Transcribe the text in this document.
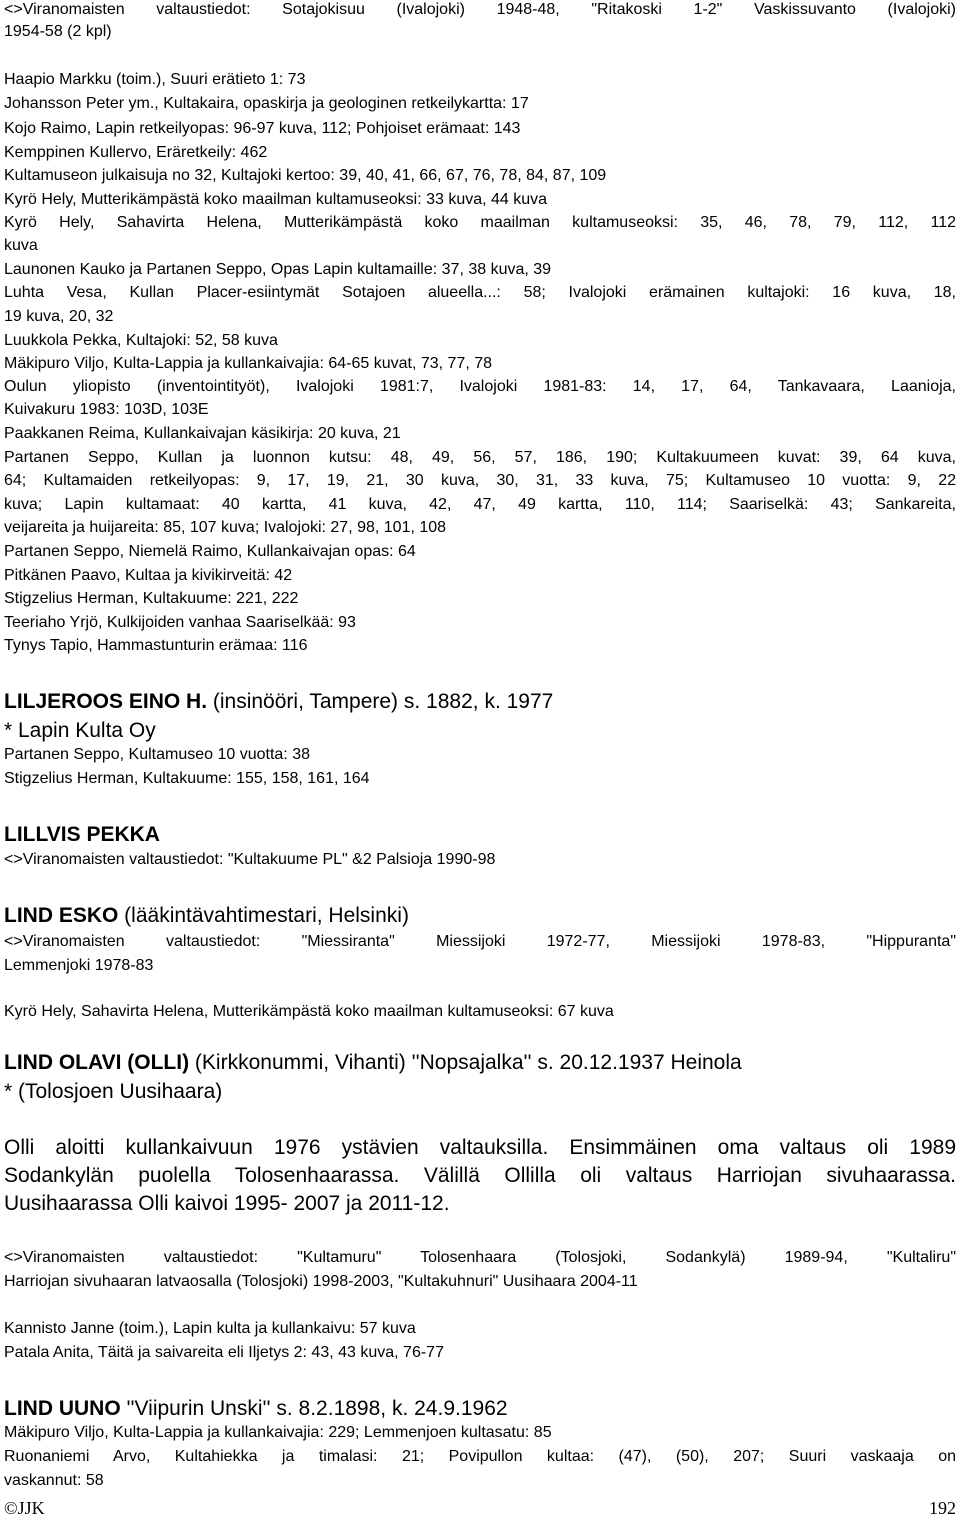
<>Viranomaisten valtaustiedot: Sotajokisuu (Ivalojoki) 1948-48, "Ritakoski 1-2" Vaskissuvanto (Ivalojoki)
1954-58 (2 kpl)
Haapio Markku (toim.), Suuri erätieto 1: 73
Johansson Peter ym., Kultakaira, opaskirja ja geologinen retkeilykartta: 17
Kojo Raimo, Lapin retkeilyopas: 96-97 kuva, 112; Pohjoiset erämaat: 143
Kemppinen Kullervo, Eräretkeily: 462
Kultamuseon julkaisuja no 32, Kultajoki kertoo: 39, 40, 41, 66, 67, 76, 78, 84, 87, 109
Kyrö Hely, Mutterikämpästä koko maailman kultamuseoksi: 33 kuva, 44 kuva
Kyrö Hely, Sahavirta Helena, Mutterikämpästä koko maailman kultamuseoksi: 35, 46, 78, 79, 112, 112
kuva
Launonen Kauko ja Partanen Seppo, Opas Lapin kultamaille: 37, 38 kuva, 39
Luhta Vesa, Kullan Placer-esiintymät Sotajoen alueella...: 58; Ivalojoki erämainen kultajoki: 16 kuva, 18,
19 kuva, 20, 32
Luukkola Pekka, Kultajoki: 52, 58 kuva
Mäkipuro Viljo, Kulta-Lappia ja kullankaivajia: 64-65 kuvat, 73, 77, 78
Oulun yliopisto (inventointityöt), Ivalojoki 1981:7, Ivalojoki 1981-83: 14, 17, 64, Tankavaara, Laanioja,
Kuivakuru 1983: 103D, 103E
Paakkanen Reima, Kullankaivajan käsikirja: 20 kuva, 21
Partanen Seppo, Kullan ja luonnon kutsu: 48, 49, 56, 57, 186, 190; Kultakuumeen kuvat: 39, 64 kuva,
64; Kultamaiden retkeilyopas: 9, 17, 19, 21, 30 kuva, 30, 31, 33 kuva, 75; Kultamuseo 10 vuotta: 9, 22
kuva; Lapin kultamaat: 40 kartta, 41 kuva, 42, 47, 49 kartta, 110, 114; Saariselkä: 43; Sankareita,
veijareita ja huijareita: 85, 107 kuva; Ivalojoki: 27, 98, 101, 108
Partanen Seppo, Niemelä Raimo, Kullankaivajan opas: 64
Pitkänen Paavo, Kultaa ja kivikirveitä: 42
Stigzelius Herman, Kultakuume: 221, 222
Teeriaho Yrjö, Kulkijoiden vanhaa Saariselkää: 93
Tynys Tapio, Hammastunturin erämaa: 116
LILJEROOS EINO H. (insinööri, Tampere) s. 1882, k. 1977
* Lapin Kulta Oy
Partanen Seppo, Kultamuseo 10 vuotta: 38
Stigzelius Herman, Kultakuume: 155, 158, 161, 164
LILLVIS PEKKA
<>Viranomaisten valtaustiedot: "Kultakuume PL" &2 Palsioja 1990-98
LIND ESKO (lääkintävahtimestari, Helsinki)
<>Viranomaisten valtaustiedot: "Miessiranta" Miessijoki 1972-77, Miessijoki 1978-83, "Hippuranta"
Lemmenjoki 1978-83
Kyrö Hely, Sahavirta Helena, Mutterikämpästä koko maailman kultamuseoksi: 67 kuva
LIND OLAVI (OLLI) (Kirkkonummi, Vihanti) ''Nopsajalka'' s. 20.12.1937 Heinola
* (Tolosjoen Uusihaara)
Olli aloitti kullankaivuun 1976 ystävien valtauksilla. Ensimmäinen oma valtaus oli 1989
Sodankylän puolella Tolosenhaarassa. Välillä Ollilla oli valtaus Harriojan sivuhaarassa.
Uusihaarassa Olli kaivoi 1995- 2007 ja 2011-12.
<>Viranomaisten valtaustiedot: "Kultamuru" Tolosenhaara (Tolosjoki, Sodankylä) 1989-94, "Kultaliru"
Harriojan sivuhaaran latvaosalla (Tolosjoki) 1998-2003, "Kultakuhnuri" Uusihaara 2004-11
Kannisto Janne (toim.), Lapin kulta ja kullankaivu: 57 kuva
Patala Anita, Täitä ja saivareita eli Iljetys 2: 43, 43 kuva, 76-77
LIND UUNO ''Viipurin Unski'' s. 8.2.1898, k. 24.9.1962
Mäkipuro Viljo, Kulta-Lappia ja kullankaivajia: 229; Lemmenjoen kultasatu: 85
Ruonaniemi Arvo, Kultahiekka ja timalasi: 21; Povipullon kultaa: (47), (50), 207; Suuri vaskaaja on
vaskannut: 58
©JJK	192
